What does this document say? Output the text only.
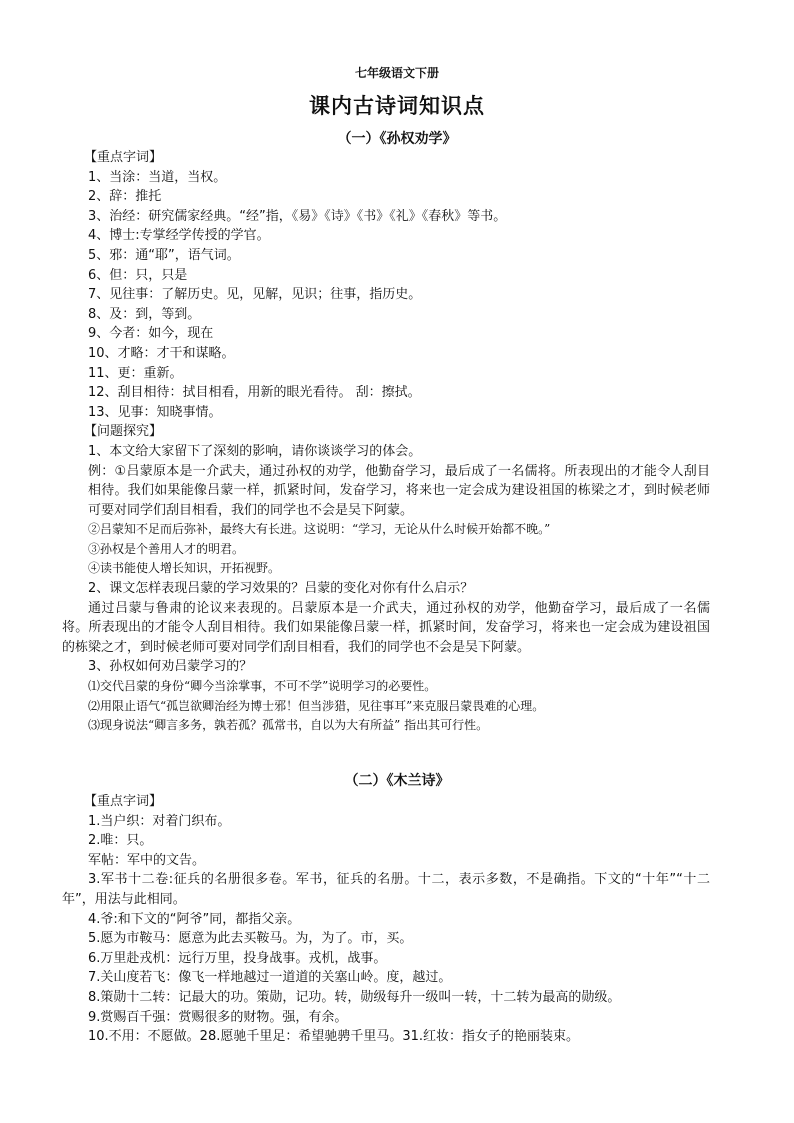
七年级语文下册
课内古诗词知识点
（一）《孙权劝学》
【重点字词】
1、当涂：当道，当权。
2、辞：推托
3、治经：研究儒家经典。“经”指，《易》《诗》《书》《礼》《春秋》等书。
4、博士:专掌经学传授的学官。
5、邪：通“耶”，语气词。
6、但：只，只是
7、见往事：了解历史。见，见解，见识；往事，指历史。
8、及：到，等到。
9、今者：如今，现在
10、才略：才干和谋略。
11、更：重新。
12、刮目相待：拭目相看，用新的眼光看待。 刮：擦拭。
13、见事：知晓事情。
【问题探究】
1、本文给大家留下了深刻的影响，请你谈谈学习的体会。
例：①吕蒙原本是一介武夫，通过孙权的劝学，他勤奋学习，最后成了一名儒将。所表现出的才能令人刮目相待。我们如果能像吕蒙一样，抓紧时间，发奋学习，将来也一定会成为建设祖国的栋梁之才，到时候老师可要对同学们刮目相看，我们的同学也不会是吴下阿蒙。
②吕蒙知不足而后弥补，最终大有长进。这说明：“学习，无论从什么时候开始都不晚。”
③孙权是个善用人才的明君。
④读书能使人增长知识，开拓视野。
2、课文怎样表现吕蒙的学习效果的？吕蒙的变化对你有什么启示？
通过吕蒙与鲁肃的论议来表现的。吕蒙原本是一介武夫，通过孙权的劝学，他勤奋学习，最后成了一名儒将。所表现出的才能令人刮目相待。我们如果能像吕蒙一样，抓紧时间，发奋学习，将来也一定会成为建设祖国的栋梁之才，到时候老师可要对同学们刮目相看，我们的同学也不会是吴下阿蒙。
3、孙权如何劝吕蒙学习的？
⑴交代吕蒙的身份“卿今当涂掌事，不可不学”说明学习的必要性。
⑵用限止语气“孤岂欲卿治经为博士邪！但当涉猎，见往事耳”来克服吕蒙畏难的心理。
⑶现身说法“卿言多务，孰若孤？孤常书，自以为大有所益” 指出其可行性。
（二）《木兰诗》
【重点字词】
1.当户织：对着门织布。
2.唯：只。
军帖：军中的文告。
3.军书十二卷:征兵的名册很多卷。军书，征兵的名册。十二，表示多数，不是确指。下文的“十年”“十二年”，用法与此相同。
4.爷:和下文的“阿爷”同，都指父亲。
5.愿为市鞍马：愿意为此去买鞍马。为，为了。市，买。
6.万里赴戎机：远行万里，投身战事。戎机，战事。
7.关山度若飞：像飞一样地越过一道道的关塞山岭。度，越过。
8.策勋十二转：记最大的功。策勋，记功。转，勋级每升一级叫一转，十二转为最高的勋级。
9.赏赐百千强：赏赐很多的财物。强，有余。
10.不用：不愿做。28.愿驰千里足：希望驰骋千里马。31.红妆：指女子的艳丽装束。
